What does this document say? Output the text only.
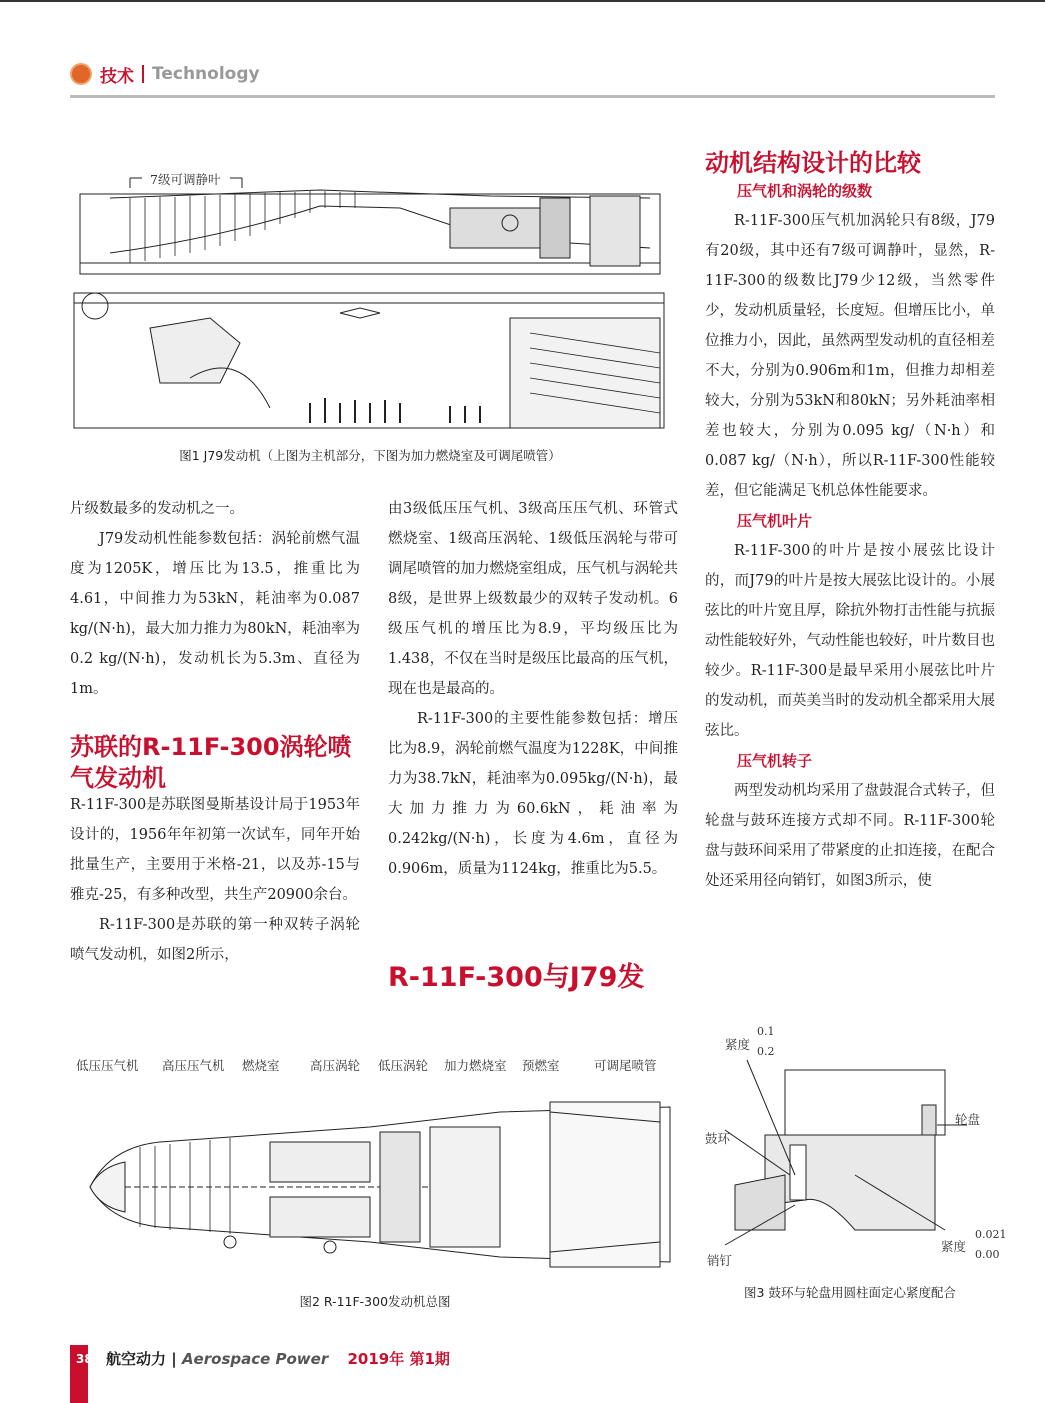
技术 Technology
7级可调静叶
图1 J79发动机（上图为主机部分，下图为加力燃烧室及可调尾喷管）

片级数最多的发动机之一。

J79发动机性能参数包括：涡轮前燃气温度为1205K，增压比为13.5，推重比为4.61，中间推力为53kN，耗油率为0.087 kg/(N·h)，最大加力推力为80kN，耗油率为0.2 kg/(N·h)，发动机长为5.3m、直径为1m。

苏联的R-11F-300涡轮喷气发动机

R-11F-300是苏联图曼斯基设计局于1953年设计的，1956年年初第一次试车，同年开始批量生产，主要用于米格-21，以及苏-15与雅克-25，有多种改型，共生产20900余台。

R-11F-300是苏联的第一种双转子涡轮喷气发动机，如图2所示，

由3级低压压气机、3级高压压气机、环管式燃烧室、1级高压涡轮、1级低压涡轮与带可调尾喷管的加力燃烧室组成，压气机与涡轮共8级，是世界上级数最少的双转子发动机。6级压气机的增压比为8.9，平均级压比为1.438，不仅在当时是级压比最高的压气机，现在也是最高的。

R-11F-300的主要性能参数包括：增压比为8.9，涡轮前燃气温度为1228K，中间推力为38.7kN，耗油率为0.095kg/(N·h)，最大加力推力为60.6kN，耗油率为0.242kg/(N·h)，长度为4.6m，直径为0.906m，质量为1124kg，推重比为5.5。

R-11F-300与J79发
动机结构设计的比较
压气机和涡轮的级数

R-11F-300压气机加涡轮只有8级，J79有20级，其中还有7级可调静叶，显然，R-11F-300的级数比J79少12级，当然零件少，发动机质量轻，长度短。但增压比小，单位推力小，因此，虽然两型发动机的直径相差不大，分别为0.906m和1m，但推力却相差较大，分别为53kN和80kN；另外耗油率相差也较大，分别为0.095 kg/（N·h）和0.087 kg/（N·h），所以R-11F-300性能较差，但它能满足飞机总体性能要求。

压气机叶片

R-11F-300的叶片是按小展弦比设计的，而J79的叶片是按大展弦比设计的。小展弦比的叶片宽且厚，除抗外物打击性能与抗振动性能较好外，气动性能也较好，叶片数目也较少。R-11F-300是最早采用小展弦比叶片的发动机，而英美当时的发动机全都采用大展弦比。

压气机转子

两型发动机均采用了盘鼓混合式转子，但轮盘与鼓环连接方式却不同。R-11F-300轮盘与鼓环间采用了带紧度的止扣连接，在配合处还采用径向销钉，如图3所示，使

低压压气机 高压压气机 燃烧室 高压涡轮 低压涡轮 加力燃烧室 预燃室	可调尾喷管
图2 R-11F-300发动机总图
紧度
0.1
0.2
轮盘
鼓环
紧度
0.021
0.00
销钉
图3 鼓环与轮盘用圆柱面定心紧度配合
38 航空动力 | Aerospace Power 2019年 第1期
